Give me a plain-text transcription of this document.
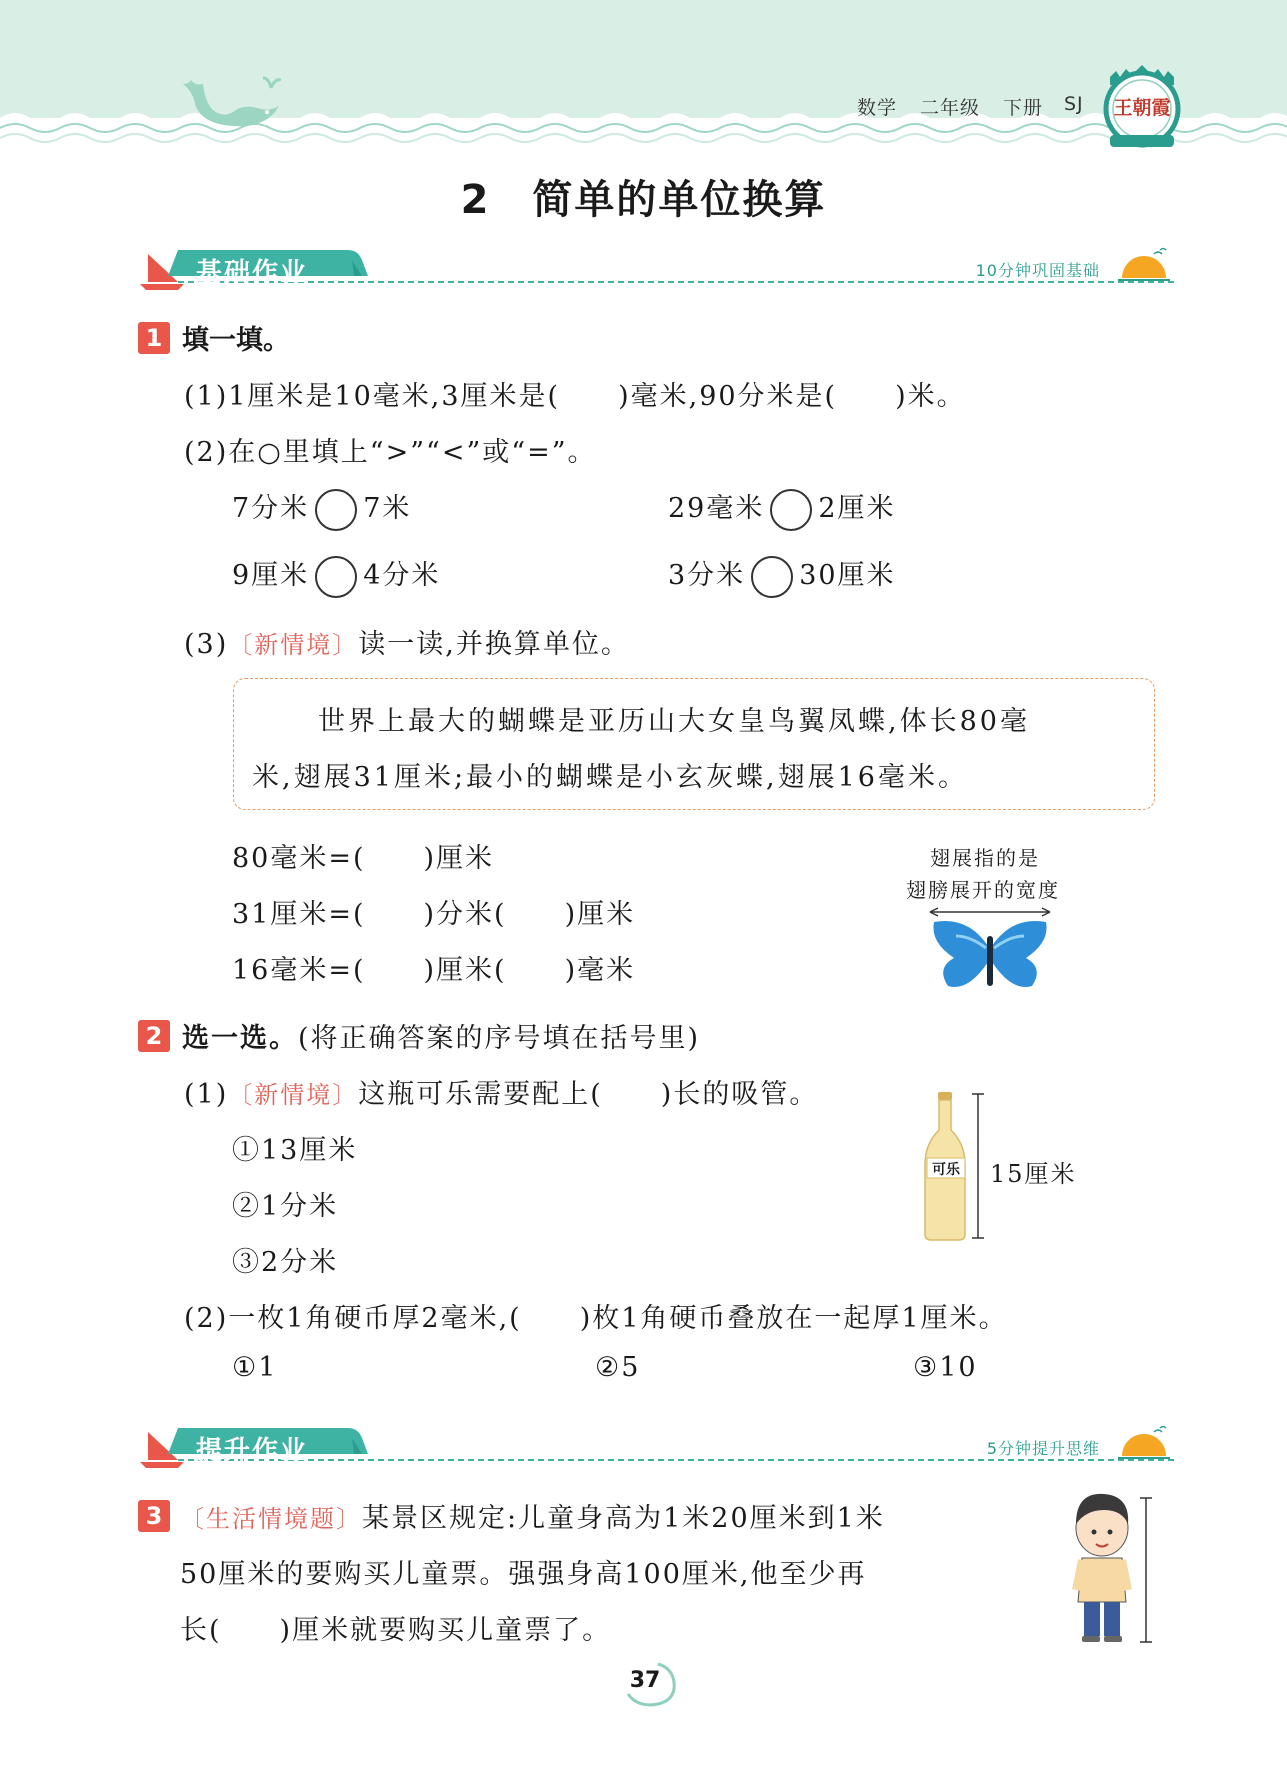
数学 二年级 下册 SJ	王朝霞
2　简单的单位换算
基础作业	10分钟巩固基础
1 填一填。
(1)1厘米是10毫米,3厘米是(　　)毫米,90分米是(　　)米。
(2)在○里填上“>”“<”或“=”。
7分米 7米	29毫米 2厘米
9厘米 4分米	3分米 30厘米
(3)〔新情境〕读一读,并换算单位。
世界上最大的蝴蝶是亚历山大女皇鸟翼凤蝶,体长80毫
米,翅展31厘米;最小的蝴蝶是小玄灰蝶,翅展16毫米。
80毫米=(　　)厘米
31厘米=(　　)分米(　　)厘米
16毫米=(　　)厘米(　　)毫米
翅展指的是
翅膀展开的宽度
2 选一选。(将正确答案的序号填在括号里)
(1)〔新情境〕这瓶可乐需要配上(　　)长的吸管。
①13厘米
②1分米
③2分米
可乐 15厘米
(2)一枚1角硬币厚2毫米,(　　)枚1角硬币叠放在一起厚1厘米。
①1	②5	③10
提升作业	5分钟提升思维
3 〔生活情境题〕某景区规定:儿童身高为1米20厘米到1米
50厘米的要购买儿童票。强强身高100厘米,他至少再
长(　　)厘米就要购买儿童票了。
37
